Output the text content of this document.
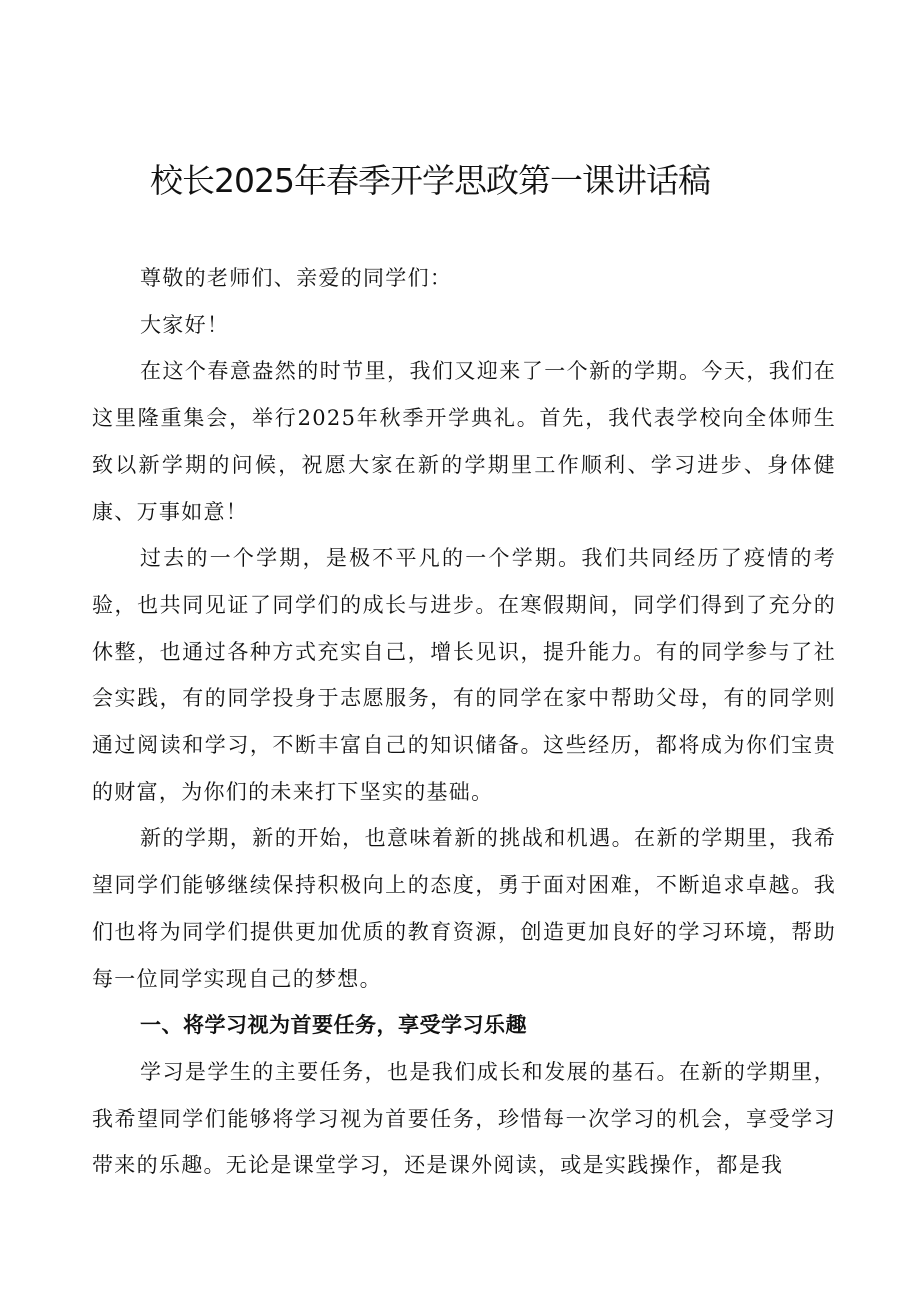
校长2025年春季开学思政第一课讲话稿

尊敬的老师们、亲爱的同学们：

大家好！

在这个春意盎然的时节里，我们又迎来了一个新的学期。今天，我们在这里隆重集会，举行2025年秋季开学典礼。首先，我代表学校向全体师生致以新学期的问候，祝愿大家在新的学期里工作顺利、学习进步、身体健康、万事如意！

过去的一个学期，是极不平凡的一个学期。我们共同经历了疫情的考验，也共同见证了同学们的成长与进步。在寒假期间，同学们得到了充分的休整，也通过各种方式充实自己，增长见识，提升能力。有的同学参与了社会实践，有的同学投身于志愿服务，有的同学在家中帮助父母，有的同学则通过阅读和学习，不断丰富自己的知识储备。这些经历，都将成为你们宝贵的财富，为你们的未来打下坚实的基础。

新的学期，新的开始，也意味着新的挑战和机遇。在新的学期里，我希望同学们能够继续保持积极向上的态度，勇于面对困难，不断追求卓越。我们也将为同学们提供更加优质的教育资源，创造更加良好的学习环境，帮助每一位同学实现自己的梦想。

一、将学习视为首要任务，享受学习乐趣

学习是学生的主要任务，也是我们成长和发展的基石。在新的学期里，我希望同学们能够将学习视为首要任务，珍惜每一次学习的机会，享受学习带来的乐趣。无论是课堂学习，还是课外阅读，或是实践操作，都是我
